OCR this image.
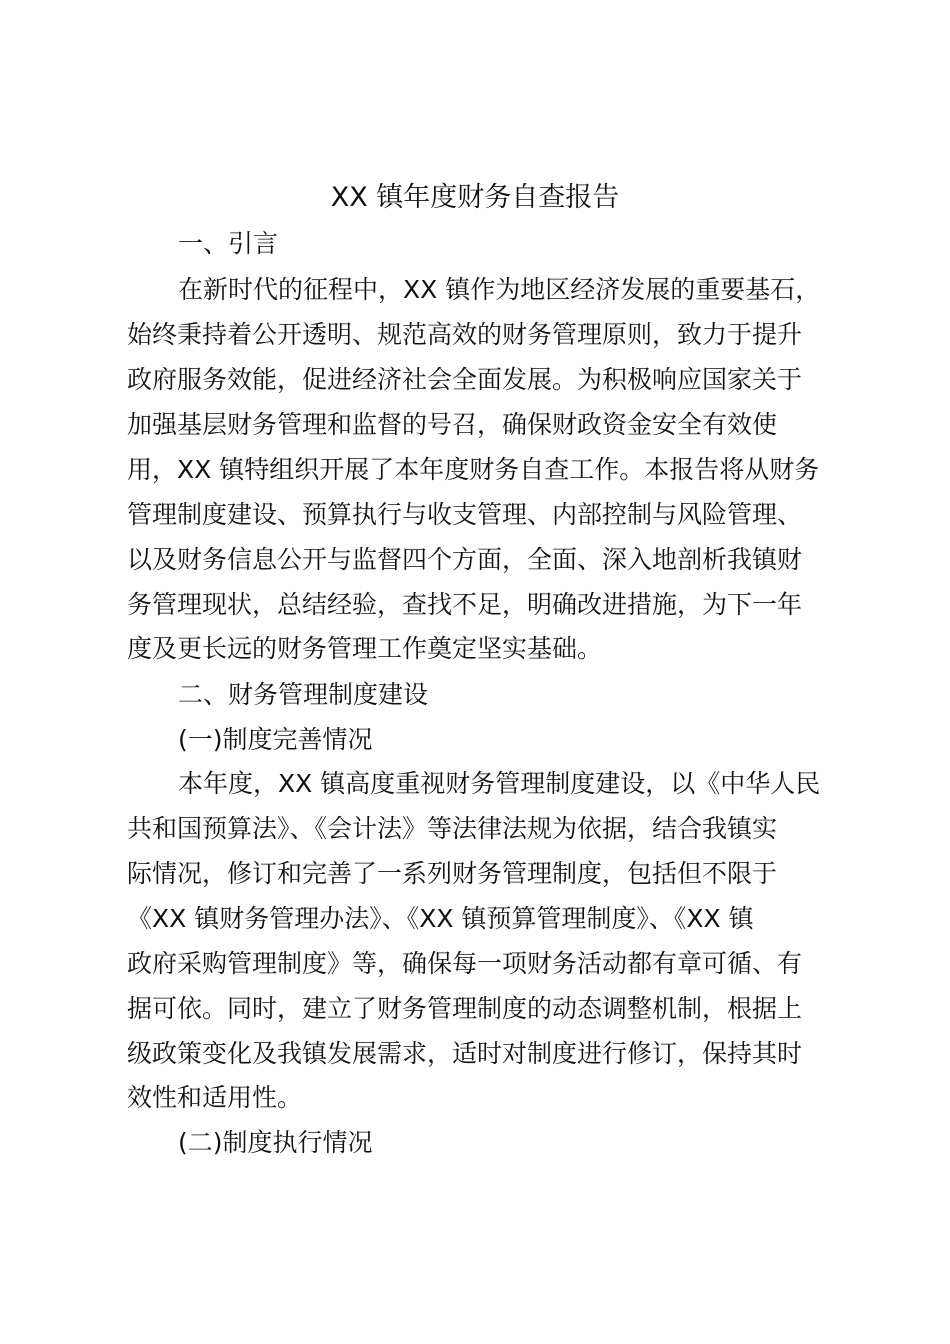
XX 镇年度财务自查报告

一、引言

在新时代的征程中，XX 镇作为地区经济发展的重要基石，

始终秉持着公开透明、规范高效的财务管理原则，致力于提升

政府服务效能，促进经济社会全面发展。为积极响应国家关于

加强基层财务管理和监督的号召，确保财政资金安全有效使

用，XX 镇特组织开展了本年度财务自查工作。本报告将从财务

管理制度建设、预算执行与收支管理、内部控制与风险管理、

以及财务信息公开与监督四个方面，全面、深入地剖析我镇财

务管理现状，总结经验，查找不足，明确改进措施，为下一年

度及更长远的财务管理工作奠定坚实基础。

二、财务管理制度建设

(一)制度完善情况

本年度，XX 镇高度重视财务管理制度建设，以《中华人民

共和国预算法》、《会计法》等法律法规为依据，结合我镇实

际情况，修订和完善了一系列财务管理制度，包括但不限于

《XX 镇财务管理办法》、《XX 镇预算管理制度》、《XX 镇

政府采购管理制度》等，确保每一项财务活动都有章可循、有

据可依。同时，建立了财务管理制度的动态调整机制，根据上

级政策变化及我镇发展需求，适时对制度进行修订，保持其时

效性和适用性。

(二)制度执行情况
